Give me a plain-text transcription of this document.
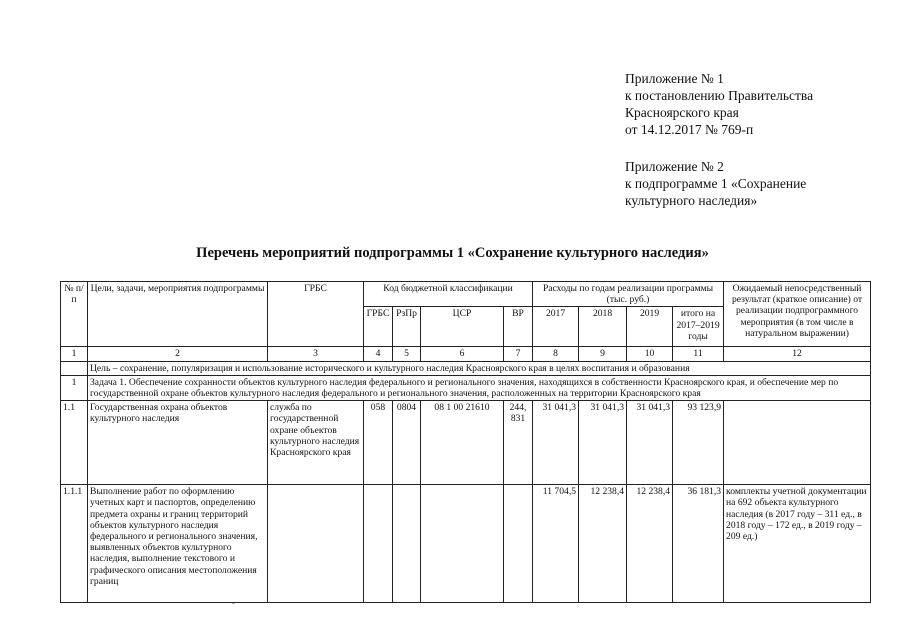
Приложение № 1
к постановлению Правительства
Красноярского края
от 14.12.2017 № 769-п
Приложение № 2
к подпрограмме 1 «Сохранение
культурного наследия»
Перечень мероприятий подпрограммы 1 «Сохранение культурного наследия»
№ п/п	Цели, задачи, мероприятия подпрограммы	ГРБС	Код бюджетной классификации				Расходы по годам реализации программы (тыс. руб.)				Ожидаемый непосредственный результат (краткое описание) от реализации подпрограммного мероприятия (в том числе в натуральном выражении)
			ГРБС	РзПр	ЦСР	ВР	2017	2018	2019	итого на 2017–2019 годы	
1	2	3	4	5	6	7	8	9	10	11	12
	Цель – сохранение, популяризация и использование исторического и культурного наследия Красноярского края в целях воспитания и образования										
1	Задача 1. Обеспечение сохранности объектов культурного наследия федерального и регионального значения, находящихся в собственности Красноярского края, и обеспечение мер по государственной охране объектов культурного наследия федерального и регионального значения, расположенных на территории Красноярского края										
1.1	Государственная охрана объектов культурного наследия	служба по государственной охране объектов культурного наследия Красноярского края	058	0804	08 1 00 21610	244, 831	31 041,3	31 041,3	31 041,3	93 123,9	
1.1.1	Выполнение работ по оформлению учетных карт и паспортов, определению предмета охраны и границ территорий объектов культурного наследия федерального и регионального значения, выявленных объектов культурного наследия, выполнение текстового и графического описания местоположения границ						11 704,5	12 238,4	12 238,4	36 181,3	комплекты учетной документации на 692 объекта культурного наследия (в 2017 году – 311 ед., в 2018 году – 172 ед., в 2019 году – 209 ед.)
